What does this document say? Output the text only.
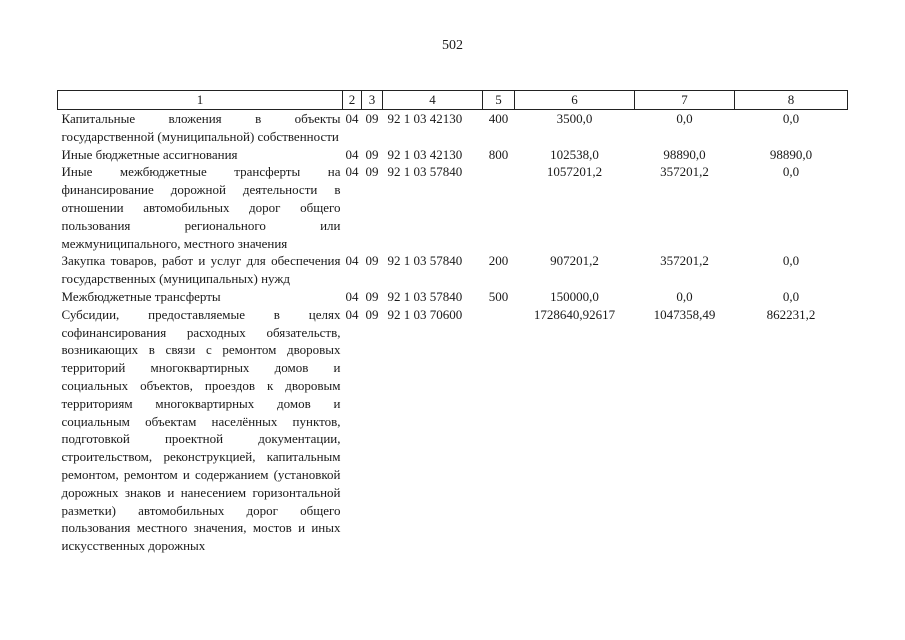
502
1	2	3	4	5	6	7	8
Капитальные вложения в объекты государственной (муниципальной) собственности	04	09	92 1 03 42130	400	3500,0	0,0	0,0
Иные бюджетные ассигнования	04	09	92 1 03 42130	800	102538,0	98890,0	98890,0
Иные межбюджетные трансферты на финансирование дорожной деятельности в отношении автомобильных дорог общего пользования региональнoго или межмуниципального, местного значения	04	09	92 1 03 57840		1057201,2	357201,2	0,0
Закупка товаров, работ и услуг для обеспечения государственных (муниципальных) нужд	04	09	92 1 03 57840	200	907201,2	357201,2	0,0
Межбюджетные трансферты	04	09	92 1 03 57840	500	150000,0	0,0	0,0
Субсидии, предоставляемые в целях софинансирования расходных обязательств, возникающих в связи с ремонтом дворовых территорий многоквартирных домов и социальных объектов, проездов к дворовым территориям многоквартирных домов и социальным объектам населённых пунктов, подготовкой проектной документации, строительством, реконструкцией, капитальным ремонтом, ремонтом и содержанием (установкой дорожных знаков и нанесением горизонтальной разметки) автомобильных дорог общего пользования местного значения, мостов и иных искусственных дорожных	04	09	92 1 03 70600		1728640,92617	1047358,49	862231,2
